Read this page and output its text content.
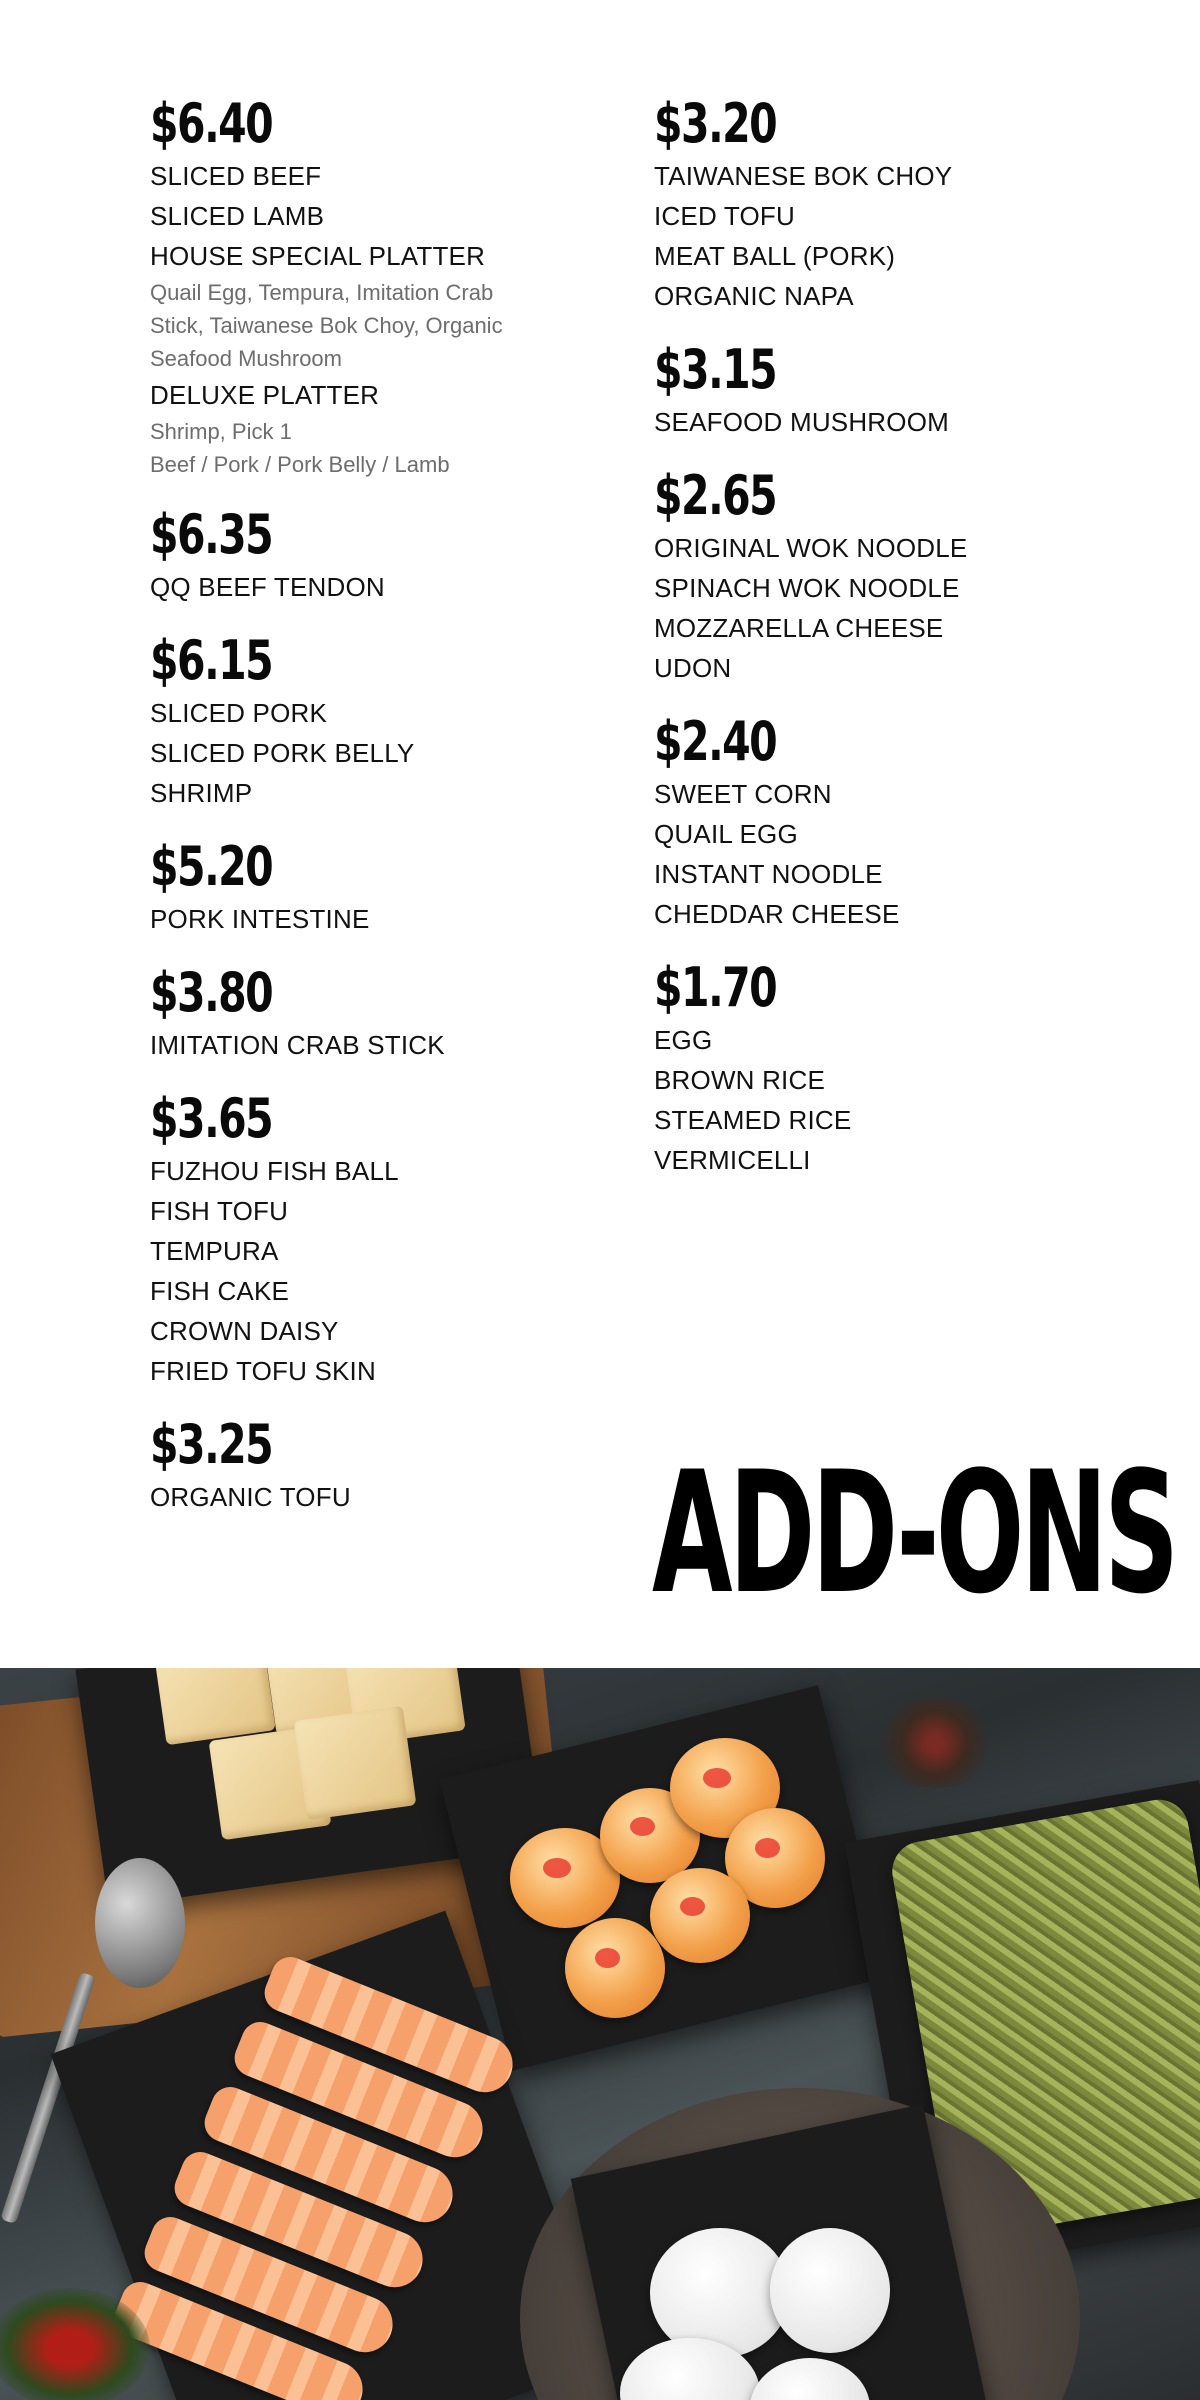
$6.40
SLICED BEEF
SLICED LAMB
HOUSE SPECIAL PLATTER
Quail Egg, Tempura, Imitation Crab Stick, Taiwanese Bok Choy, Organic Seafood Mushroom
DELUXE PLATTER
Shrimp, Pick 1
Beef / Pork / Pork Belly / Lamb
$6.35
QQ BEEF TENDON
$6.15
SLICED PORK
SLICED PORK BELLY
SHRIMP
$5.20
PORK INTESTINE
$3.80
IMITATION CRAB STICK
$3.65
FUZHOU FISH BALL
FISH TOFU
TEMPURA
FISH CAKE
CROWN DAISY
FRIED TOFU SKIN
$3.25
ORGANIC TOFU
$3.20
TAIWANESE BOK CHOY
ICED TOFU
MEAT BALL (PORK)
ORGANIC NAPA
$3.15
SEAFOOD MUSHROOM
$2.65
ORIGINAL WOK NOODLE
SPINACH WOK NOODLE
MOZZARELLA CHEESE
UDON
$2.40
SWEET CORN
QUAIL EGG
INSTANT NOODLE
CHEDDAR CHEESE
$1.70
EGG
BROWN RICE
STEAMED RICE
VERMICELLI
ADD-ONS
